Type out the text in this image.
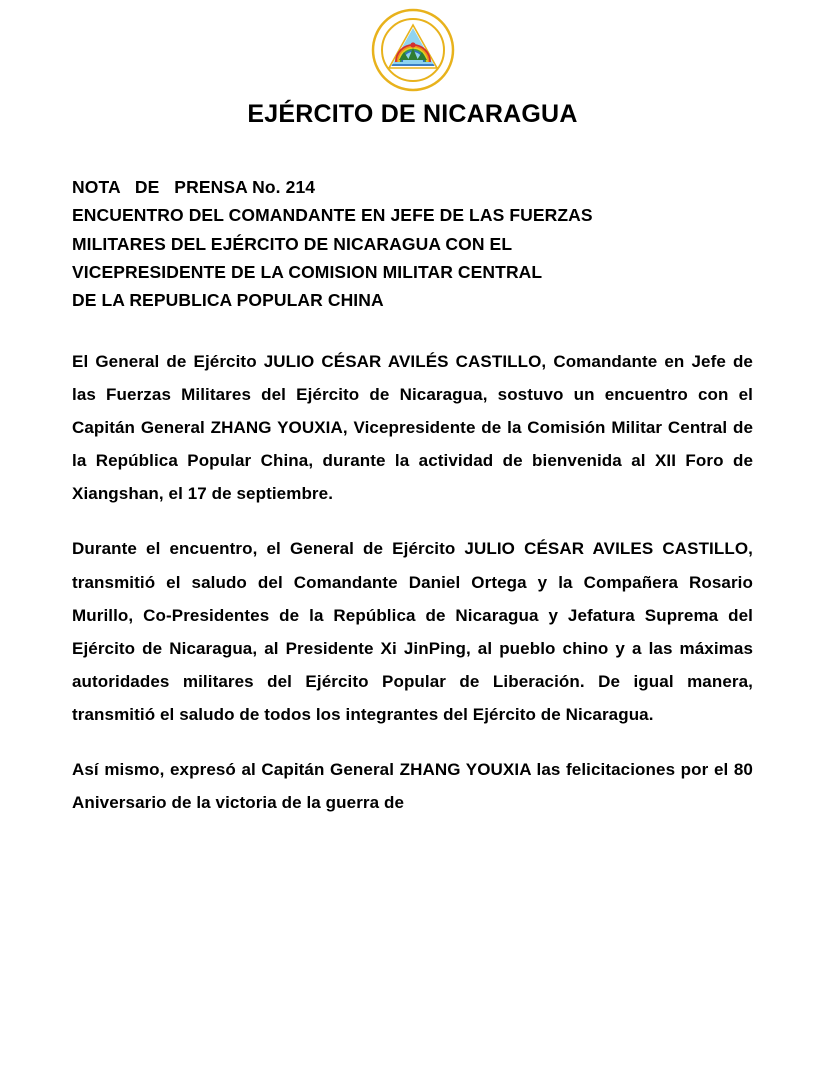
EJÉRCITO DE NICARAGUA
NOTA   DE   PRENSA No. 214
ENCUENTRO DEL COMANDANTE EN JEFE DE LAS FUERZAS
MILITARES DEL EJÉRCITO DE NICARAGUA CON EL
VICEPRESIDENTE DE LA COMISION MILITAR CENTRAL
DE LA REPUBLICA POPULAR CHINA

El General de Ejército JULIO CÉSAR AVILÉS CASTILLO, Comandante en Jefe de las Fuerzas Militares del Ejército de Nicaragua, sostuvo un encuentro con el Capitán General ZHANG YOUXIA, Vicepresidente de la Comisión Militar Central de la República Popular China, durante la actividad de bienvenida al XII Foro de Xiangshan, el 17 de septiembre.

Durante el encuentro, el General de Ejército JULIO CÉSAR AVILES CASTILLO, transmitió el saludo del Comandante Daniel Ortega y la Compañera Rosario Murillo, Co-Presidentes de la República de Nicaragua y Jefatura Suprema del Ejército de Nicaragua, al Presidente Xi JinPing, al pueblo chino y a las máximas autoridades militares del Ejército Popular de Liberación. De igual manera, transmitió el saludo de todos los integrantes del Ejército de Nicaragua.

Así mismo, expresó al Capitán General ZHANG YOUXIA las felicitaciones por el 80 Aniversario de la victoria de la guerra de
